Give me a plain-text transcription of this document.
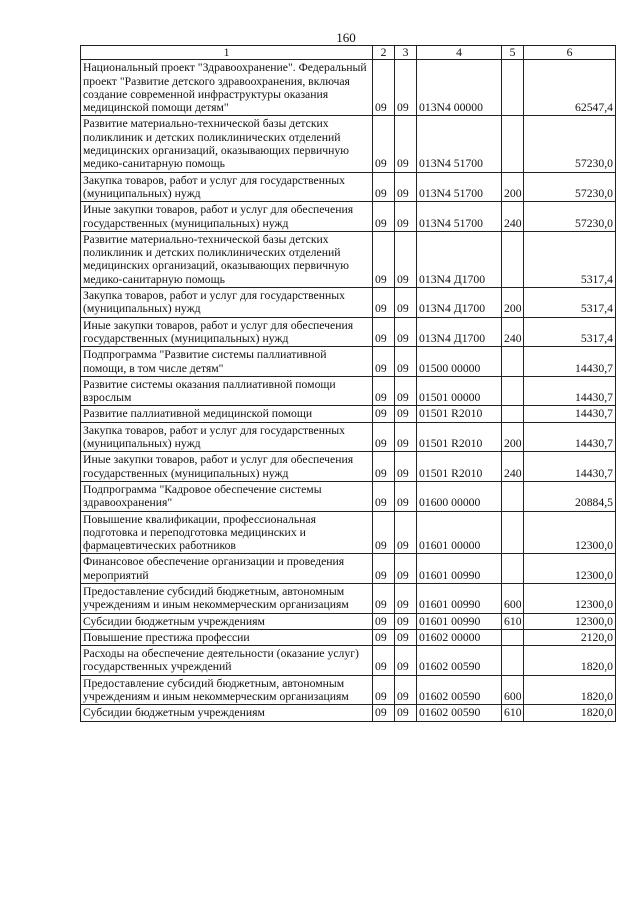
160
1	2	3	4	5	6
Национальный проект "Здравоохранение". Федеральный проект "Развитие детского здравоохранения, включая создание современной инфраструктуры оказания медицинской помощи детям"	09	09	013N4 00000		62547,4
Развитие материально-технической базы детских поликлиник и детских поликлинических отделений медицинских организаций, оказывающих первичную медико-санитарную помощь	09	09	013N4 51700		57230,0
Закупка товаров, работ и услуг для государственных (муниципальных) нужд	09	09	013N4 51700	200	57230,0
Иные закупки товаров, работ и услуг для обеспечения государственных (муниципальных) нужд	09	09	013N4 51700	240	57230,0
Развитие материально-технической базы детских поликлиник и детских поликлинических отделений медицинских организаций, оказывающих первичную медико-санитарную помощь	09	09	013N4 Д1700		5317,4
Закупка товаров, работ и услуг для государственных (муниципальных) нужд	09	09	013N4 Д1700	200	5317,4
Иные закупки товаров, работ и услуг для обеспечения государственных (муниципальных) нужд	09	09	013N4 Д1700	240	5317,4
Подпрограмма "Развитие системы паллиативной помощи, в том числе детям"	09	09	01500 00000		14430,7
Развитие системы оказания паллиативной помощи взрослым	09	09	01501 00000		14430,7
Развитие паллиативной медицинской помощи	09	09	01501 R2010		14430,7
Закупка товаров, работ и услуг для государственных (муниципальных) нужд	09	09	01501 R2010	200	14430,7
Иные закупки товаров, работ и услуг для обеспечения государственных (муниципальных) нужд	09	09	01501 R2010	240	14430,7
Подпрограмма "Кадровое обеспечение системы здравоохранения"	09	09	01600 00000		20884,5
Повышение квалификации, профессиональная подготовка и переподготовка медицинских и фармацевтических работников	09	09	01601 00000		12300,0
Финансовое обеспечение организации и проведения мероприятий	09	09	01601 00990		12300,0
Предоставление субсидий бюджетным, автономным учреждениям и иным некоммерческим организациям	09	09	01601 00990	600	12300,0
Субсидии бюджетным учреждениям	09	09	01601 00990	610	12300,0
Повышение престижа профессии	09	09	01602 00000		2120,0
Расходы на обеспечение деятельности (оказание услуг) государственных учреждений	09	09	01602 00590		1820,0
Предоставление субсидий бюджетным, автономным учреждениям и иным некоммерческим организациям	09	09	01602 00590	600	1820,0
Субсидии бюджетным учреждениям	09	09	01602 00590	610	1820,0
